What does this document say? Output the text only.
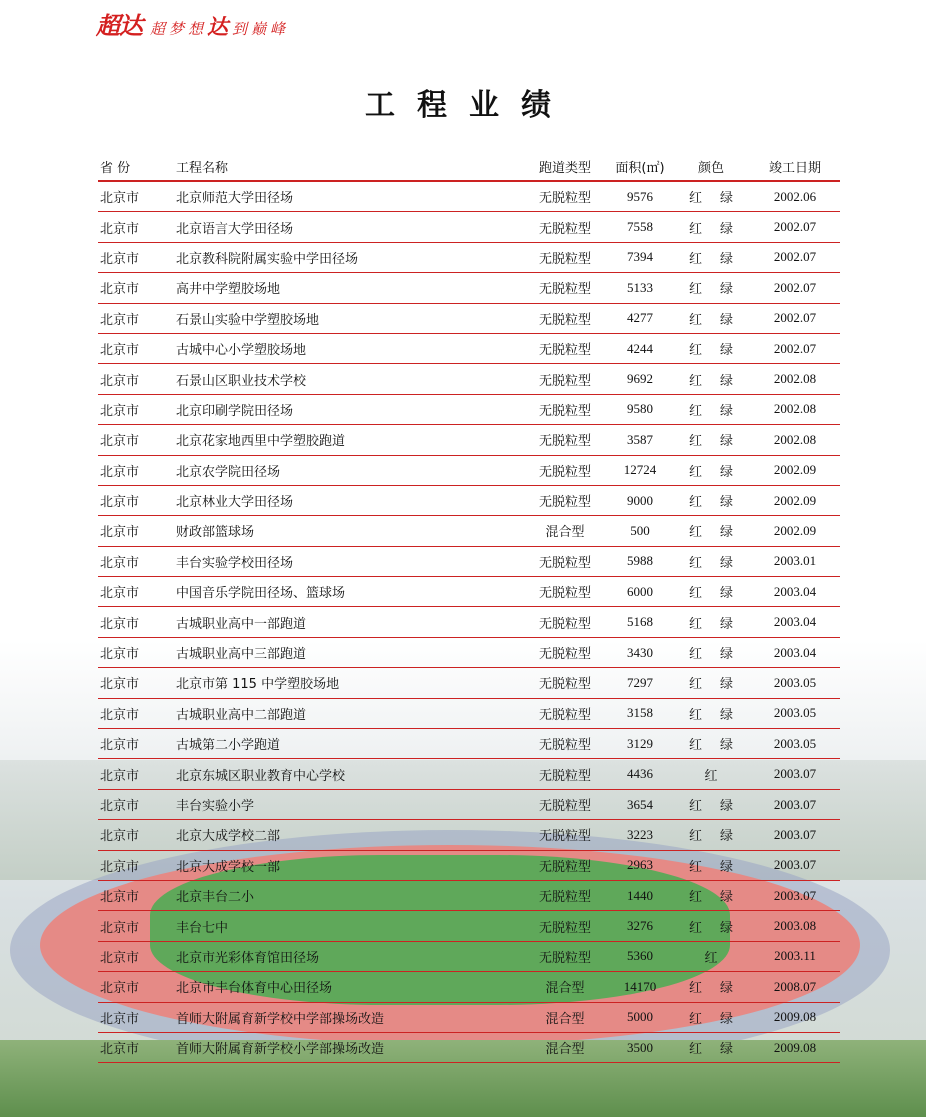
超达 超梦想达到巅峰
工程业绩
省 份	工程名称	跑道类型	面积(㎡)	颜色	竣工日期
北京市	北京师范大学田径场	无脱粒型	9576	红 绿	2002.06
北京市	北京语言大学田径场	无脱粒型	7558	红 绿	2002.07
北京市	北京教科院附属实验中学田径场	无脱粒型	7394	红 绿	2002.07
北京市	高井中学塑胶场地	无脱粒型	5133	红 绿	2002.07
北京市	石景山实验中学塑胶场地	无脱粒型	4277	红 绿	2002.07
北京市	古城中心小学塑胶场地	无脱粒型	4244	红 绿	2002.07
北京市	石景山区职业技术学校	无脱粒型	9692	红 绿	2002.08
北京市	北京印刷学院田径场	无脱粒型	9580	红 绿	2002.08
北京市	北京花家地西里中学塑胶跑道	无脱粒型	3587	红 绿	2002.08
北京市	北京农学院田径场	无脱粒型	12724	红 绿	2002.09
北京市	北京林业大学田径场	无脱粒型	9000	红 绿	2002.09
北京市	财政部篮球场	混合型	500	红 绿	2002.09
北京市	丰台实验学校田径场	无脱粒型	5988	红 绿	2003.01
北京市	中国音乐学院田径场、篮球场	无脱粒型	6000	红 绿	2003.04
北京市	古城职业高中一部跑道	无脱粒型	5168	红 绿	2003.04
北京市	古城职业高中三部跑道	无脱粒型	3430	红 绿	2003.04
北京市	北京市第 115 中学塑胶场地	无脱粒型	7297	红 绿	2003.05
北京市	古城职业高中二部跑道	无脱粒型	3158	红 绿	2003.05
北京市	古城第二小学跑道	无脱粒型	3129	红 绿	2003.05
北京市	北京东城区职业教育中心学校	无脱粒型	4436	红	2003.07
北京市	丰台实验小学	无脱粒型	3654	红 绿	2003.07
北京市	北京大成学校二部	无脱粒型	3223	红 绿	2003.07
北京市	北京大成学校一部	无脱粒型	2963	红 绿	2003.07
北京市	北京丰台二小	无脱粒型	1440	红 绿	2003.07
北京市	丰台七中	无脱粒型	3276	红 绿	2003.08
北京市	北京市光彩体育馆田径场	无脱粒型	5360	红	2003.11
北京市	北京市丰台体育中心田径场	混合型	14170	红 绿	2008.07
北京市	首师大附属育新学校中学部操场改造	混合型	5000	红 绿	2009.08
北京市	首师大附属育新学校小学部操场改造	混合型	3500	红 绿	2009.08
